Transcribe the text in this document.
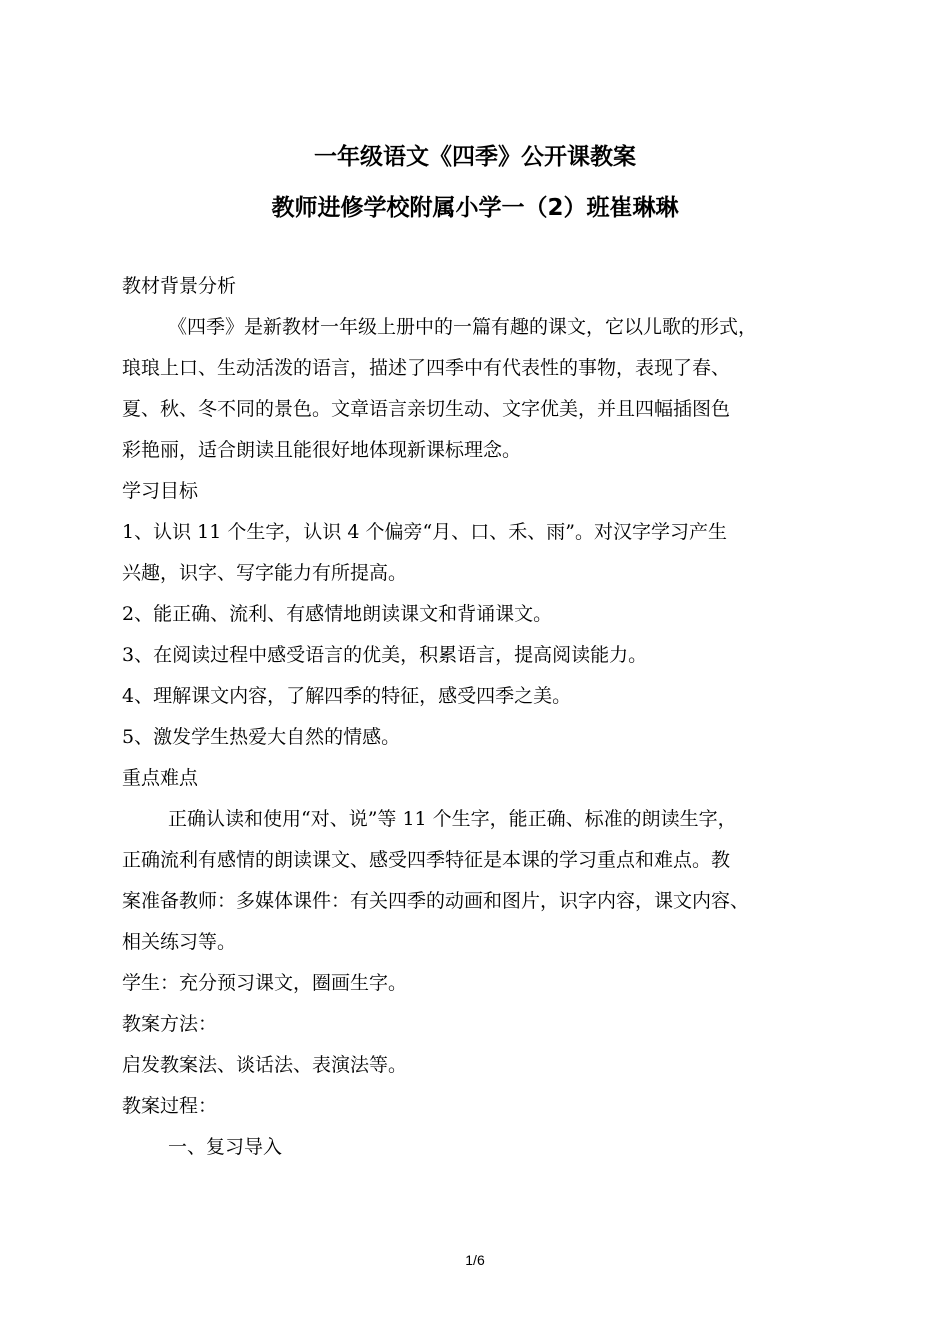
一年级语文《四季》公开课教案
教师进修学校附属小学一（2）班崔琳琳
教材背景分析
《四季》是新教材一年级上册中的一篇有趣的课文，它以儿歌的形式，
琅琅上口、生动活泼的语言，描述了四季中有代表性的事物，表现了春、
夏、秋、冬不同的景色。文章语言亲切生动、文字优美，并且四幅插图色
彩艳丽，适合朗读且能很好地体现新课标理念。
学习目标
1、认识 11 个生字，认识 4 个偏旁“月、口、禾、雨”。对汉字学习产生
兴趣，识字、写字能力有所提高。
2、能正确、流利、有感情地朗读课文和背诵课文。
3、在阅读过程中感受语言的优美，积累语言，提高阅读能力。
4、理解课文内容，了解四季的特征，感受四季之美。
5、激发学生热爱大自然的情感。
重点难点
正确认读和使用“对、说”等 11 个生字，能正确、标准的朗读生字，
正确流利有感情的朗读课文、感受四季特征是本课的学习重点和难点。教
案准备教师：多媒体课件：有关四季的动画和图片，识字内容，课文内容、
相关练习等。
学生：充分预习课文，圈画生字。
教案方法：
启发教案法、谈话法、表演法等。
教案过程：
一、复习导入
1/6
